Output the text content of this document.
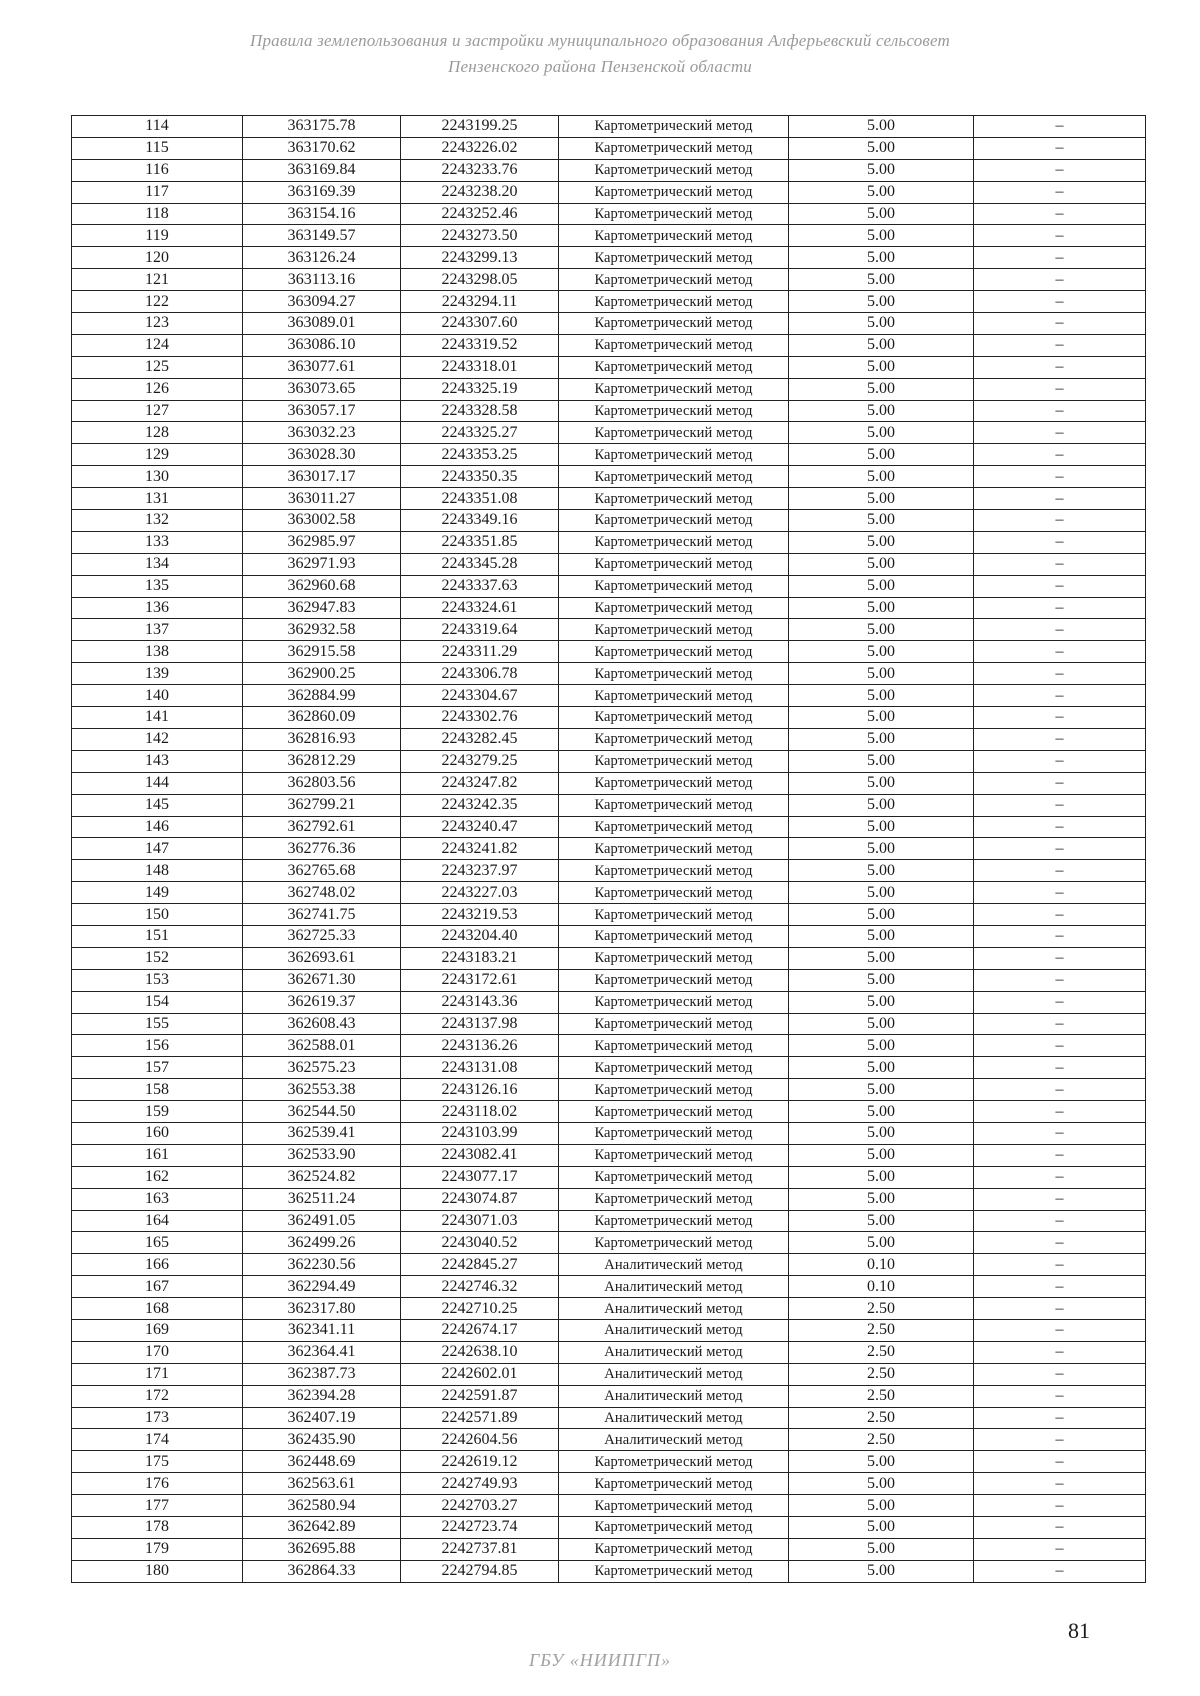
Правила землепользования и застройки муниципального образования Алферьевский сельсовет
Пензенского района Пензенской области
114	363175.78	2243199.25	Картометрический метод	5.00	–
115	363170.62	2243226.02	Картометрический метод	5.00	–
116	363169.84	2243233.76	Картометрический метод	5.00	–
117	363169.39	2243238.20	Картометрический метод	5.00	–
118	363154.16	2243252.46	Картометрический метод	5.00	–
119	363149.57	2243273.50	Картометрический метод	5.00	–
120	363126.24	2243299.13	Картометрический метод	5.00	–
121	363113.16	2243298.05	Картометрический метод	5.00	–
122	363094.27	2243294.11	Картометрический метод	5.00	–
123	363089.01	2243307.60	Картометрический метод	5.00	–
124	363086.10	2243319.52	Картометрический метод	5.00	–
125	363077.61	2243318.01	Картометрический метод	5.00	–
126	363073.65	2243325.19	Картометрический метод	5.00	–
127	363057.17	2243328.58	Картометрический метод	5.00	–
128	363032.23	2243325.27	Картометрический метод	5.00	–
129	363028.30	2243353.25	Картометрический метод	5.00	–
130	363017.17	2243350.35	Картометрический метод	5.00	–
131	363011.27	2243351.08	Картометрический метод	5.00	–
132	363002.58	2243349.16	Картометрический метод	5.00	–
133	362985.97	2243351.85	Картометрический метод	5.00	–
134	362971.93	2243345.28	Картометрический метод	5.00	–
135	362960.68	2243337.63	Картометрический метод	5.00	–
136	362947.83	2243324.61	Картометрический метод	5.00	–
137	362932.58	2243319.64	Картометрический метод	5.00	–
138	362915.58	2243311.29	Картометрический метод	5.00	–
139	362900.25	2243306.78	Картометрический метод	5.00	–
140	362884.99	2243304.67	Картометрический метод	5.00	–
141	362860.09	2243302.76	Картометрический метод	5.00	–
142	362816.93	2243282.45	Картометрический метод	5.00	–
143	362812.29	2243279.25	Картометрический метод	5.00	–
144	362803.56	2243247.82	Картометрический метод	5.00	–
145	362799.21	2243242.35	Картометрический метод	5.00	–
146	362792.61	2243240.47	Картометрический метод	5.00	–
147	362776.36	2243241.82	Картометрический метод	5.00	–
148	362765.68	2243237.97	Картометрический метод	5.00	–
149	362748.02	2243227.03	Картометрический метод	5.00	–
150	362741.75	2243219.53	Картометрический метод	5.00	–
151	362725.33	2243204.40	Картометрический метод	5.00	–
152	362693.61	2243183.21	Картометрический метод	5.00	–
153	362671.30	2243172.61	Картометрический метод	5.00	–
154	362619.37	2243143.36	Картометрический метод	5.00	–
155	362608.43	2243137.98	Картометрический метод	5.00	–
156	362588.01	2243136.26	Картометрический метод	5.00	–
157	362575.23	2243131.08	Картометрический метод	5.00	–
158	362553.38	2243126.16	Картометрический метод	5.00	–
159	362544.50	2243118.02	Картометрический метод	5.00	–
160	362539.41	2243103.99	Картометрический метод	5.00	–
161	362533.90	2243082.41	Картометрический метод	5.00	–
162	362524.82	2243077.17	Картометрический метод	5.00	–
163	362511.24	2243074.87	Картометрический метод	5.00	–
164	362491.05	2243071.03	Картометрический метод	5.00	–
165	362499.26	2243040.52	Картометрический метод	5.00	–
166	362230.56	2242845.27	Аналитический метод	0.10	–
167	362294.49	2242746.32	Аналитический метод	0.10	–
168	362317.80	2242710.25	Аналитический метод	2.50	–
169	362341.11	2242674.17	Аналитический метод	2.50	–
170	362364.41	2242638.10	Аналитический метод	2.50	–
171	362387.73	2242602.01	Аналитический метод	2.50	–
172	362394.28	2242591.87	Аналитический метод	2.50	–
173	362407.19	2242571.89	Аналитический метод	2.50	–
174	362435.90	2242604.56	Аналитический метод	2.50	–
175	362448.69	2242619.12	Картометрический метод	5.00	–
176	362563.61	2242749.93	Картометрический метод	5.00	–
177	362580.94	2242703.27	Картометрический метод	5.00	–
178	362642.89	2242723.74	Картометрический метод	5.00	–
179	362695.88	2242737.81	Картометрический метод	5.00	–
180	362864.33	2242794.85	Картометрический метод	5.00	–
81
ГБУ «НИИПГП»
